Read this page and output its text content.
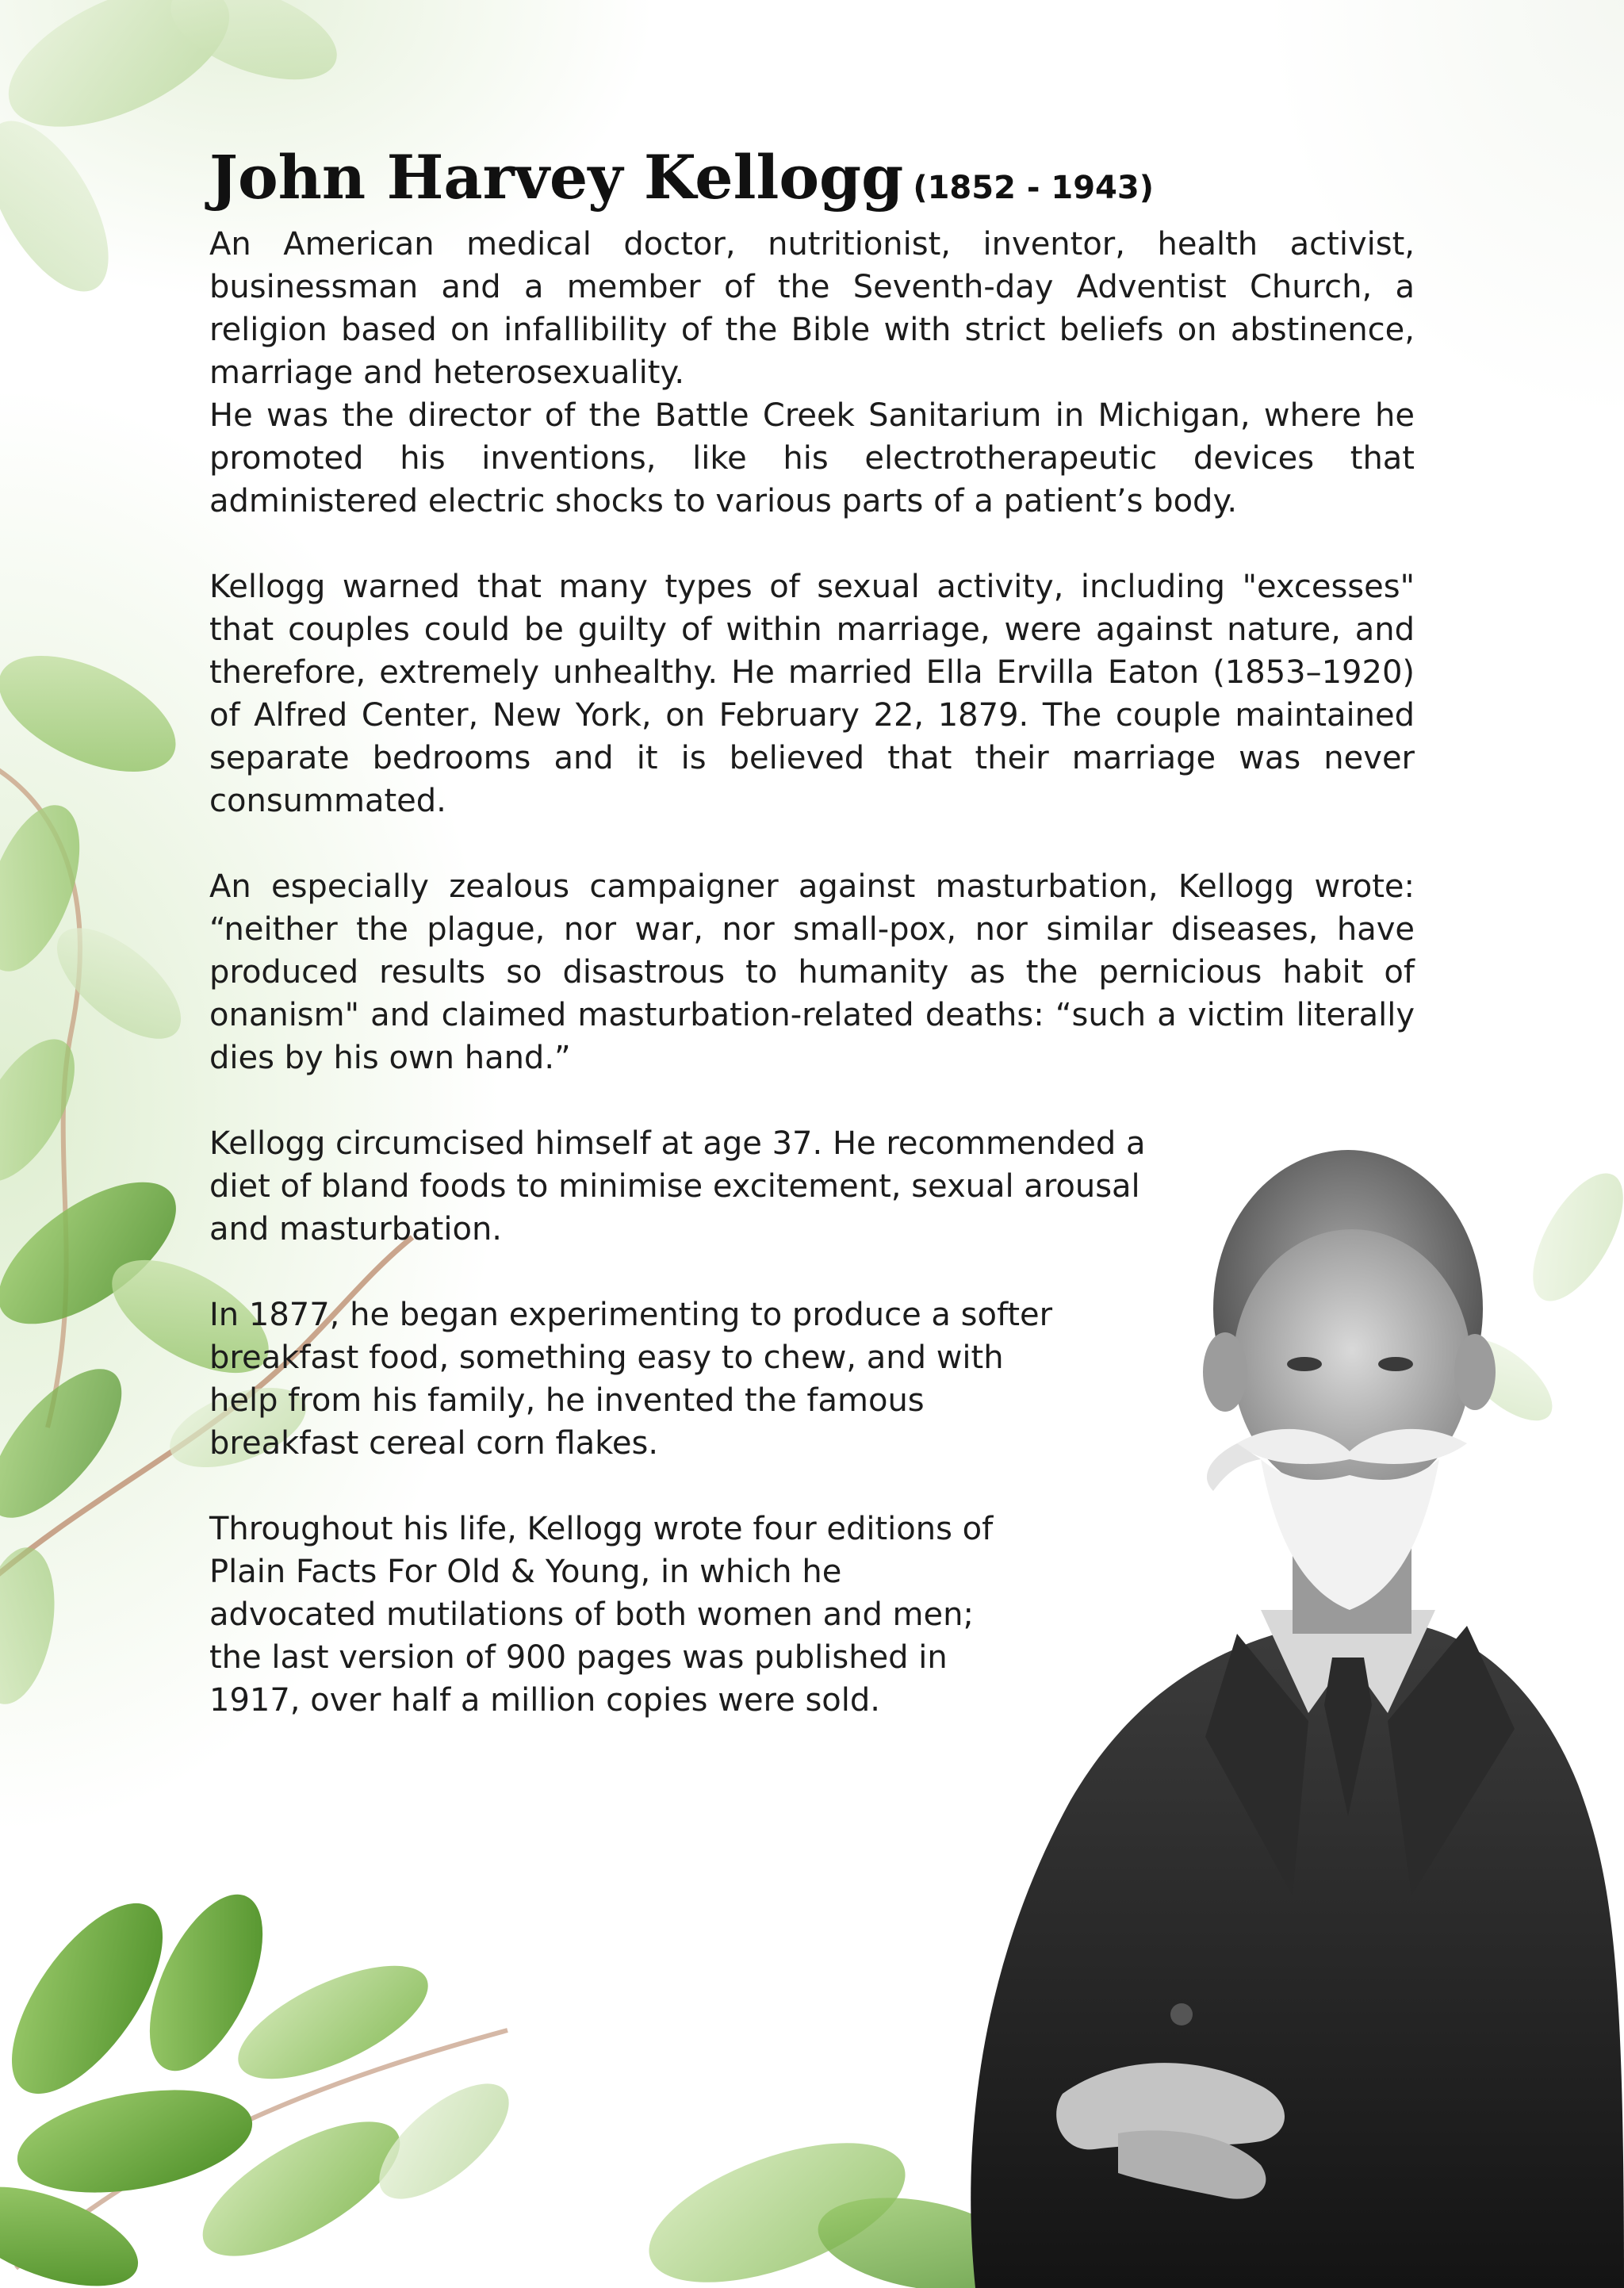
John Harvey Kellogg (1852 - 1943)

An American medical doctor, nutritionist, inventor, health activist, businessman and a member of the Seventh-day Adventist Church, a religion based on infallibility of the Bible with strict beliefs on abstinence, marriage and heterosexuality.

He was the director of the Battle Creek Sanitarium in Michigan, where he promoted his inventions, like his electrotherapeutic devices that administered electric shocks to various parts of a patient’s body.

Kellogg warned that many types of sexual activity, including "excesses" that couples could be guilty of within marriage, were against nature, and therefore, extremely unhealthy. He married Ella Ervilla Eaton (1853–1920) of Alfred Center, New York, on February 22, 1879. The couple maintained separate bedrooms and it is believed that their marriage was never consummated.

An especially zealous campaigner against masturbation, Kellogg wrote: “neither the plague, nor war, nor small-pox, nor similar diseases, have produced results so disastrous to humanity as the pernicious habit of onanism" and claimed masturbation-related deaths: “such a victim literally dies by his own hand.”

Kellogg circumcised himself at age 37. He recommended a diet of bland foods to minimise excitement, sexual arousal and masturbation.

In 1877, he began experimenting to produce a softer breakfast food, something easy to chew, and with help from his family, he invented the famous breakfast cereal corn flakes.

Throughout his life, Kellogg wrote four editions of Plain Facts For Old & Young, in which he advocated mutilations of both women and men; the last version of 900 pages was published in 1917, over half a million copies were sold.
